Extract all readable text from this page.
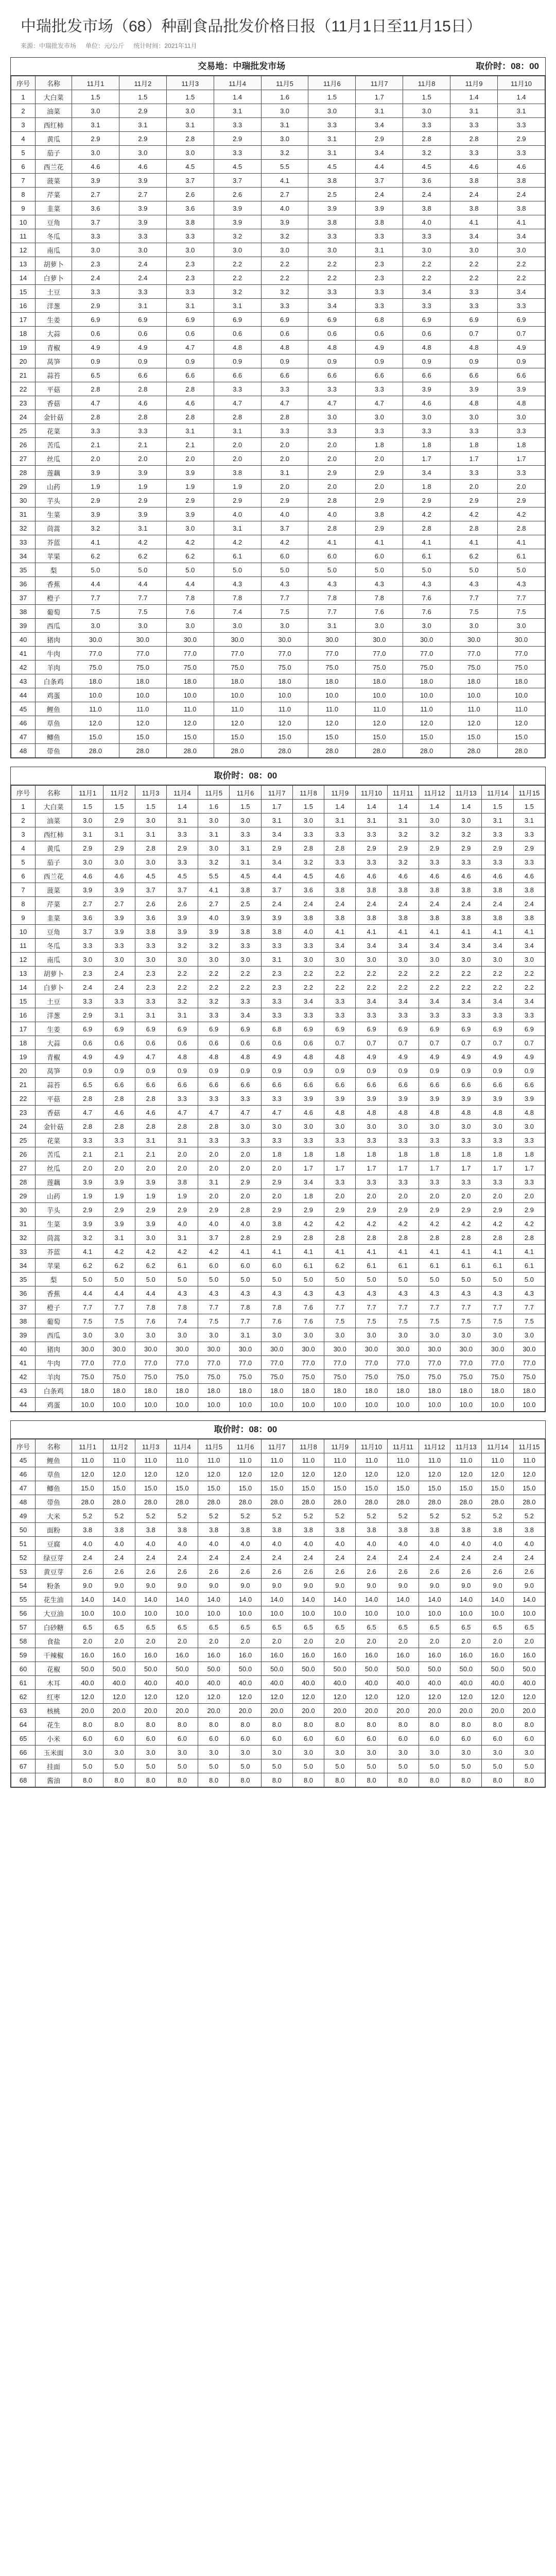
中瑞批发市场（68）种副食品批发价格日报（11月1日至11月15日）
来源：中瑞批发市场 单位：元/公斤 统计时间：2021年11月
交易地：中瑞批发市场	取价时：08：00
序号	名称	11月1	11月2	11月3	11月4	11月5	11月6	11月7	11月8	11月9	11月10
1	大白菜	1.5	1.5	1.5	1.4	1.6	1.5	1.7	1.5	1.4	1.4
2	油菜	3.0	2.9	3.0	3.1	3.0	3.0	3.1	3.0	3.1	3.1
3	西红柿	3.1	3.1	3.1	3.3	3.1	3.3	3.4	3.3	3.3	3.3
4	黄瓜	2.9	2.9	2.8	2.9	3.0	3.1	2.9	2.8	2.8	2.9
5	茄子	3.0	3.0	3.0	3.3	3.2	3.1	3.4	3.2	3.3	3.3
6	西兰花	4.6	4.6	4.5	4.5	5.5	4.5	4.4	4.5	4.6	4.6
7	菠菜	3.9	3.9	3.7	3.7	4.1	3.8	3.7	3.6	3.8	3.8
8	芹菜	2.7	2.7	2.6	2.6	2.7	2.5	2.4	2.4	2.4	2.4
9	韭菜	3.6	3.9	3.6	3.9	4.0	3.9	3.9	3.8	3.8	3.8
10	豆角	3.7	3.9	3.8	3.9	3.9	3.8	3.8	4.0	4.1	4.1
11	冬瓜	3.3	3.3	3.3	3.2	3.2	3.3	3.3	3.3	3.4	3.4
12	南瓜	3.0	3.0	3.0	3.0	3.0	3.0	3.1	3.0	3.0	3.0
13	胡萝卜	2.3	2.4	2.3	2.2	2.2	2.2	2.3	2.2	2.2	2.2
14	白萝卜	2.4	2.4	2.3	2.2	2.2	2.2	2.3	2.2	2.2	2.2
15	土豆	3.3	3.3	3.3	3.2	3.2	3.3	3.3	3.4	3.3	3.4
16	洋葱	2.9	3.1	3.1	3.1	3.3	3.4	3.3	3.3	3.3	3.3
17	生姜	6.9	6.9	6.9	6.9	6.9	6.9	6.8	6.9	6.9	6.9
18	大蒜	0.6	0.6	0.6	0.6	0.6	0.6	0.6	0.6	0.7	0.7
19	青椒	4.9	4.9	4.7	4.8	4.8	4.8	4.9	4.8	4.8	4.9
20	莴笋	0.9	0.9	0.9	0.9	0.9	0.9	0.9	0.9	0.9	0.9
21	蒜苔	6.5	6.6	6.6	6.6	6.6	6.6	6.6	6.6	6.6	6.6
22	平菇	2.8	2.8	2.8	3.3	3.3	3.3	3.3	3.9	3.9	3.9
23	香菇	4.7	4.6	4.6	4.7	4.7	4.7	4.7	4.6	4.8	4.8
24	金针菇	2.8	2.8	2.8	2.8	2.8	3.0	3.0	3.0	3.0	3.0
25	花菜	3.3	3.3	3.1	3.1	3.3	3.3	3.3	3.3	3.3	3.3
26	苦瓜	2.1	2.1	2.1	2.0	2.0	2.0	1.8	1.8	1.8	1.8
27	丝瓜	2.0	2.0	2.0	2.0	2.0	2.0	2.0	1.7	1.7	1.7
28	莲藕	3.9	3.9	3.9	3.8	3.1	2.9	2.9	3.4	3.3	3.3
29	山药	1.9	1.9	1.9	1.9	2.0	2.0	2.0	1.8	2.0	2.0
30	芋头	2.9	2.9	2.9	2.9	2.9	2.8	2.9	2.9	2.9	2.9
31	生菜	3.9	3.9	3.9	4.0	4.0	4.0	3.8	4.2	4.2	4.2
32	茼蒿	3.2	3.1	3.0	3.1	3.7	2.8	2.9	2.8	2.8	2.8
33	芥蓝	4.1	4.2	4.2	4.2	4.2	4.1	4.1	4.1	4.1	4.1
34	苹果	6.2	6.2	6.2	6.1	6.0	6.0	6.0	6.1	6.2	6.1
35	梨	5.0	5.0	5.0	5.0	5.0	5.0	5.0	5.0	5.0	5.0
36	香蕉	4.4	4.4	4.4	4.3	4.3	4.3	4.3	4.3	4.3	4.3
37	橙子	7.7	7.7	7.8	7.8	7.7	7.8	7.8	7.6	7.7	7.7
38	葡萄	7.5	7.5	7.6	7.4	7.5	7.7	7.6	7.6	7.5	7.5
39	西瓜	3.0	3.0	3.0	3.0	3.0	3.1	3.0	3.0	3.0	3.0
40	猪肉	30.0	30.0	30.0	30.0	30.0	30.0	30.0	30.0	30.0	30.0
41	牛肉	77.0	77.0	77.0	77.0	77.0	77.0	77.0	77.0	77.0	77.0
42	羊肉	75.0	75.0	75.0	75.0	75.0	75.0	75.0	75.0	75.0	75.0
43	白条鸡	18.0	18.0	18.0	18.0	18.0	18.0	18.0	18.0	18.0	18.0
44	鸡蛋	10.0	10.0	10.0	10.0	10.0	10.0	10.0	10.0	10.0	10.0
45	鲤鱼	11.0	11.0	11.0	11.0	11.0	11.0	11.0	11.0	11.0	11.0
46	草鱼	12.0	12.0	12.0	12.0	12.0	12.0	12.0	12.0	12.0	12.0
47	鲫鱼	15.0	15.0	15.0	15.0	15.0	15.0	15.0	15.0	15.0	15.0
48	带鱼	28.0	28.0	28.0	28.0	28.0	28.0	28.0	28.0	28.0	28.0
取价时：08：00
序号	名称	11月1	11月2	11月3	11月4	11月5	11月6	11月7	11月8	11月9	11月10	11月11	11月12	11月13	11月14	11月15
1	大白菜	1.5	1.5	1.5	1.4	1.6	1.5	1.7	1.5	1.4	1.4	1.4	1.4	1.4	1.5	1.5
2	油菜	3.0	2.9	3.0	3.1	3.0	3.0	3.1	3.0	3.1	3.1	3.1	3.0	3.0	3.1	3.1
3	西红柿	3.1	3.1	3.1	3.3	3.1	3.3	3.4	3.3	3.3	3.3	3.2	3.2	3.2	3.3	3.3
4	黄瓜	2.9	2.9	2.8	2.9	3.0	3.1	2.9	2.8	2.8	2.9	2.9	2.9	2.9	2.9	2.9
5	茄子	3.0	3.0	3.0	3.3	3.2	3.1	3.4	3.2	3.3	3.3	3.2	3.3	3.3	3.3	3.3
6	西兰花	4.6	4.6	4.5	4.5	5.5	4.5	4.4	4.5	4.6	4.6	4.6	4.6	4.6	4.6	4.6
7	菠菜	3.9	3.9	3.7	3.7	4.1	3.8	3.7	3.6	3.8	3.8	3.8	3.8	3.8	3.8	3.8
8	芹菜	2.7	2.7	2.6	2.6	2.7	2.5	2.4	2.4	2.4	2.4	2.4	2.4	2.4	2.4	2.4
9	韭菜	3.6	3.9	3.6	3.9	4.0	3.9	3.9	3.8	3.8	3.8	3.8	3.8	3.8	3.8	3.8
10	豆角	3.7	3.9	3.8	3.9	3.9	3.8	3.8	4.0	4.1	4.1	4.1	4.1	4.1	4.1	4.1
11	冬瓜	3.3	3.3	3.3	3.2	3.2	3.3	3.3	3.3	3.4	3.4	3.4	3.4	3.4	3.4	3.4
12	南瓜	3.0	3.0	3.0	3.0	3.0	3.0	3.1	3.0	3.0	3.0	3.0	3.0	3.0	3.0	3.0
13	胡萝卜	2.3	2.4	2.3	2.2	2.2	2.2	2.3	2.2	2.2	2.2	2.2	2.2	2.2	2.2	2.2
14	白萝卜	2.4	2.4	2.3	2.2	2.2	2.2	2.3	2.2	2.2	2.2	2.2	2.2	2.2	2.2	2.2
15	土豆	3.3	3.3	3.3	3.2	3.2	3.3	3.3	3.4	3.3	3.4	3.4	3.4	3.4	3.4	3.4
16	洋葱	2.9	3.1	3.1	3.1	3.3	3.4	3.3	3.3	3.3	3.3	3.3	3.3	3.3	3.3	3.3
17	生姜	6.9	6.9	6.9	6.9	6.9	6.9	6.8	6.9	6.9	6.9	6.9	6.9	6.9	6.9	6.9
18	大蒜	0.6	0.6	0.6	0.6	0.6	0.6	0.6	0.6	0.7	0.7	0.7	0.7	0.7	0.7	0.7
19	青椒	4.9	4.9	4.7	4.8	4.8	4.8	4.9	4.8	4.8	4.9	4.9	4.9	4.9	4.9	4.9
20	莴笋	0.9	0.9	0.9	0.9	0.9	0.9	0.9	0.9	0.9	0.9	0.9	0.9	0.9	0.9	0.9
21	蒜苔	6.5	6.6	6.6	6.6	6.6	6.6	6.6	6.6	6.6	6.6	6.6	6.6	6.6	6.6	6.6
22	平菇	2.8	2.8	2.8	3.3	3.3	3.3	3.3	3.9	3.9	3.9	3.9	3.9	3.9	3.9	3.9
23	香菇	4.7	4.6	4.6	4.7	4.7	4.7	4.7	4.6	4.8	4.8	4.8	4.8	4.8	4.8	4.8
24	金针菇	2.8	2.8	2.8	2.8	2.8	3.0	3.0	3.0	3.0	3.0	3.0	3.0	3.0	3.0	3.0
25	花菜	3.3	3.3	3.1	3.1	3.3	3.3	3.3	3.3	3.3	3.3	3.3	3.3	3.3	3.3	3.3
26	苦瓜	2.1	2.1	2.1	2.0	2.0	2.0	1.8	1.8	1.8	1.8	1.8	1.8	1.8	1.8	1.8
27	丝瓜	2.0	2.0	2.0	2.0	2.0	2.0	2.0	1.7	1.7	1.7	1.7	1.7	1.7	1.7	1.7
28	莲藕	3.9	3.9	3.9	3.8	3.1	2.9	2.9	3.4	3.3	3.3	3.3	3.3	3.3	3.3	3.3
29	山药	1.9	1.9	1.9	1.9	2.0	2.0	2.0	1.8	2.0	2.0	2.0	2.0	2.0	2.0	2.0
30	芋头	2.9	2.9	2.9	2.9	2.9	2.8	2.9	2.9	2.9	2.9	2.9	2.9	2.9	2.9	2.9
31	生菜	3.9	3.9	3.9	4.0	4.0	4.0	3.8	4.2	4.2	4.2	4.2	4.2	4.2	4.2	4.2
32	茼蒿	3.2	3.1	3.0	3.1	3.7	2.8	2.9	2.8	2.8	2.8	2.8	2.8	2.8	2.8	2.8
33	芥蓝	4.1	4.2	4.2	4.2	4.2	4.1	4.1	4.1	4.1	4.1	4.1	4.1	4.1	4.1	4.1
34	苹果	6.2	6.2	6.2	6.1	6.0	6.0	6.0	6.1	6.2	6.1	6.1	6.1	6.1	6.1	6.1
35	梨	5.0	5.0	5.0	5.0	5.0	5.0	5.0	5.0	5.0	5.0	5.0	5.0	5.0	5.0	5.0
36	香蕉	4.4	4.4	4.4	4.3	4.3	4.3	4.3	4.3	4.3	4.3	4.3	4.3	4.3	4.3	4.3
37	橙子	7.7	7.7	7.8	7.8	7.7	7.8	7.8	7.6	7.7	7.7	7.7	7.7	7.7	7.7	7.7
38	葡萄	7.5	7.5	7.6	7.4	7.5	7.7	7.6	7.6	7.5	7.5	7.5	7.5	7.5	7.5	7.5
39	西瓜	3.0	3.0	3.0	3.0	3.0	3.1	3.0	3.0	3.0	3.0	3.0	3.0	3.0	3.0	3.0
40	猪肉	30.0	30.0	30.0	30.0	30.0	30.0	30.0	30.0	30.0	30.0	30.0	30.0	30.0	30.0	30.0
41	牛肉	77.0	77.0	77.0	77.0	77.0	77.0	77.0	77.0	77.0	77.0	77.0	77.0	77.0	77.0	77.0
42	羊肉	75.0	75.0	75.0	75.0	75.0	75.0	75.0	75.0	75.0	75.0	75.0	75.0	75.0	75.0	75.0
43	白条鸡	18.0	18.0	18.0	18.0	18.0	18.0	18.0	18.0	18.0	18.0	18.0	18.0	18.0	18.0	18.0
44	鸡蛋	10.0	10.0	10.0	10.0	10.0	10.0	10.0	10.0	10.0	10.0	10.0	10.0	10.0	10.0	10.0
取价时：08：00
序号	名称	11月1	11月2	11月3	11月4	11月5	11月6	11月7	11月8	11月9	11月10	11月11	11月12	11月13	11月14	11月15
45	鲤鱼	11.0	11.0	11.0	11.0	11.0	11.0	11.0	11.0	11.0	11.0	11.0	11.0	11.0	11.0	11.0
46	草鱼	12.0	12.0	12.0	12.0	12.0	12.0	12.0	12.0	12.0	12.0	12.0	12.0	12.0	12.0	12.0
47	鲫鱼	15.0	15.0	15.0	15.0	15.0	15.0	15.0	15.0	15.0	15.0	15.0	15.0	15.0	15.0	15.0
48	带鱼	28.0	28.0	28.0	28.0	28.0	28.0	28.0	28.0	28.0	28.0	28.0	28.0	28.0	28.0	28.0
49	大米	5.2	5.2	5.2	5.2	5.2	5.2	5.2	5.2	5.2	5.2	5.2	5.2	5.2	5.2	5.2
50	面粉	3.8	3.8	3.8	3.8	3.8	3.8	3.8	3.8	3.8	3.8	3.8	3.8	3.8	3.8	3.8
51	豆腐	4.0	4.0	4.0	4.0	4.0	4.0	4.0	4.0	4.0	4.0	4.0	4.0	4.0	4.0	4.0
52	绿豆芽	2.4	2.4	2.4	2.4	2.4	2.4	2.4	2.4	2.4	2.4	2.4	2.4	2.4	2.4	2.4
53	黄豆芽	2.6	2.6	2.6	2.6	2.6	2.6	2.6	2.6	2.6	2.6	2.6	2.6	2.6	2.6	2.6
54	粉条	9.0	9.0	9.0	9.0	9.0	9.0	9.0	9.0	9.0	9.0	9.0	9.0	9.0	9.0	9.0
55	花生油	14.0	14.0	14.0	14.0	14.0	14.0	14.0	14.0	14.0	14.0	14.0	14.0	14.0	14.0	14.0
56	大豆油	10.0	10.0	10.0	10.0	10.0	10.0	10.0	10.0	10.0	10.0	10.0	10.0	10.0	10.0	10.0
57	白砂糖	6.5	6.5	6.5	6.5	6.5	6.5	6.5	6.5	6.5	6.5	6.5	6.5	6.5	6.5	6.5
58	食盐	2.0	2.0	2.0	2.0	2.0	2.0	2.0	2.0	2.0	2.0	2.0	2.0	2.0	2.0	2.0
59	干辣椒	16.0	16.0	16.0	16.0	16.0	16.0	16.0	16.0	16.0	16.0	16.0	16.0	16.0	16.0	16.0
60	花椒	50.0	50.0	50.0	50.0	50.0	50.0	50.0	50.0	50.0	50.0	50.0	50.0	50.0	50.0	50.0
61	木耳	40.0	40.0	40.0	40.0	40.0	40.0	40.0	40.0	40.0	40.0	40.0	40.0	40.0	40.0	40.0
62	红枣	12.0	12.0	12.0	12.0	12.0	12.0	12.0	12.0	12.0	12.0	12.0	12.0	12.0	12.0	12.0
63	核桃	20.0	20.0	20.0	20.0	20.0	20.0	20.0	20.0	20.0	20.0	20.0	20.0	20.0	20.0	20.0
64	花生	8.0	8.0	8.0	8.0	8.0	8.0	8.0	8.0	8.0	8.0	8.0	8.0	8.0	8.0	8.0
65	小米	6.0	6.0	6.0	6.0	6.0	6.0	6.0	6.0	6.0	6.0	6.0	6.0	6.0	6.0	6.0
66	玉米面	3.0	3.0	3.0	3.0	3.0	3.0	3.0	3.0	3.0	3.0	3.0	3.0	3.0	3.0	3.0
67	挂面	5.0	5.0	5.0	5.0	5.0	5.0	5.0	5.0	5.0	5.0	5.0	5.0	5.0	5.0	5.0
68	酱油	8.0	8.0	8.0	8.0	8.0	8.0	8.0	8.0	8.0	8.0	8.0	8.0	8.0	8.0	8.0
